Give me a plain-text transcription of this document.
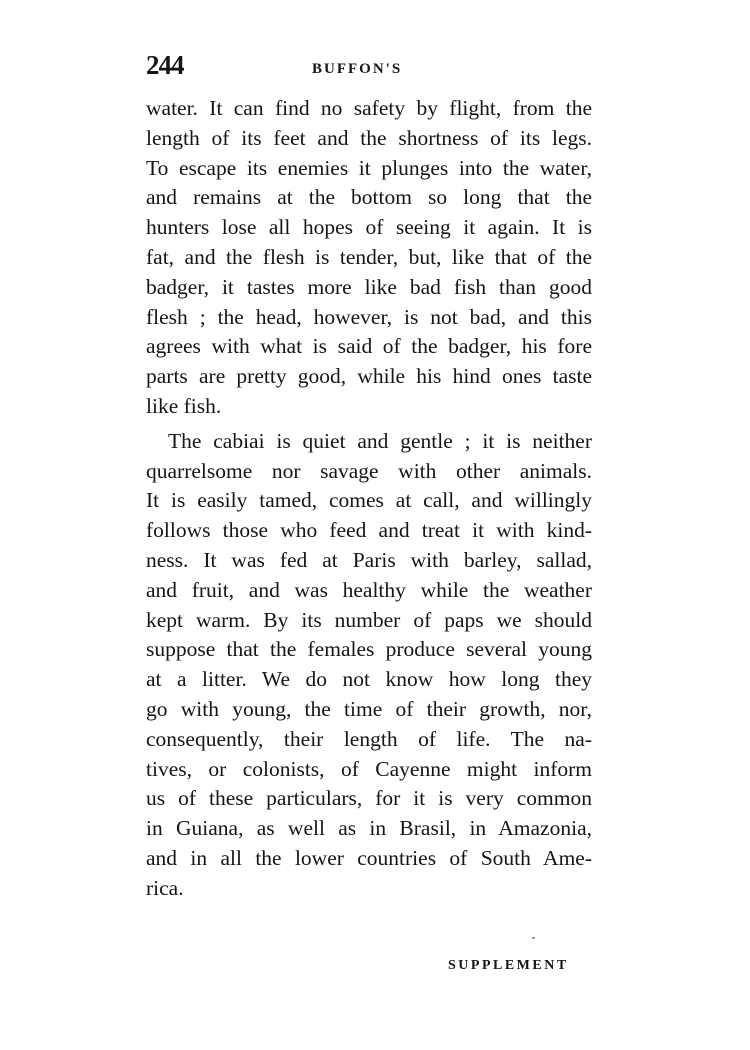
244	BUFFON'S
water. It can find no safety by flight, from the
length of its feet and the shortness of its legs.
To escape its enemies it plunges into the water,
and remains at the bottom so long that the
hunters lose all hopes of seeing it again. It is
fat, and the flesh is tender, but, like that of the
badger, it tastes more like bad fish than good
flesh ; the head, however, is not bad, and this
agrees with what is said of the badger, his fore
parts are pretty good, while his hind ones taste
like fish.
The cabiai is quiet and gentle ; it is neither
quarrelsome nor savage with other animals.
It is easily tamed, comes at call, and willingly
follows those who feed and treat it with kind-
ness. It was fed at Paris with barley, sallad,
and fruit, and was healthy while the weather
kept warm. By its number of paps we should
suppose that the females produce several young
at a litter. We do not know how long they
go with young, the time of their growth, nor,
consequently, their length of life. The na-
tives, or colonists, of Cayenne might inform
us of these particulars, for it is very common
in Guiana, as well as in Brasil, in Amazonia,
and in all the lower countries of South Ame-
rica.
SUPPLEMENT
